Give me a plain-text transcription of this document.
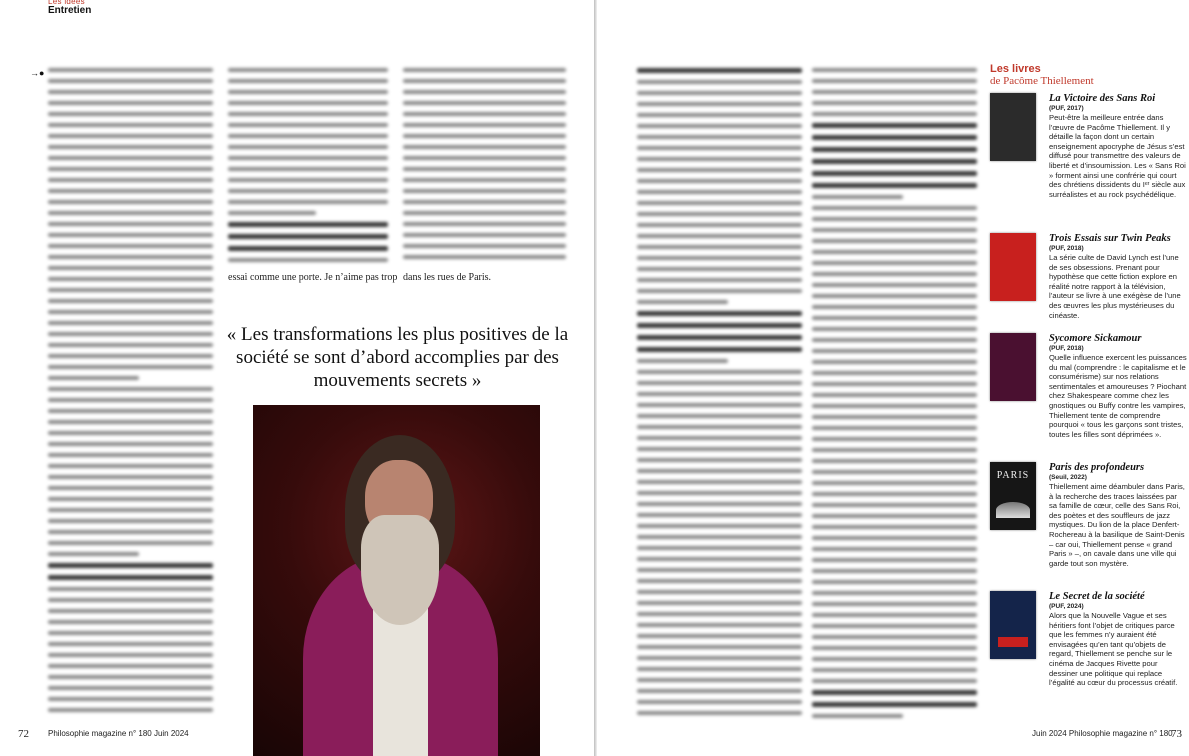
Les idées
Entretien
→●
essai comme une porte. Je n’aime pas trop dans les rues de Paris.

« Les transformations les plus positives de la société se sont d’abord accomplies par des mouvements secrets »

72 Philosophie magazine n° 180 Juin 2024
Les livres
de Pacôme Thiellement
La Victoire des Sans Roi
(PUF, 2017)
Peut-être la meilleure entrée dans l’œuvre de Pacôme Thiellement. Il y détaille la façon dont un certain enseignement apocryphe de Jésus s’est diffusé pour transmettre des valeurs de liberté et d’insoumission. Les « Sans Roi » forment ainsi une confrérie qui court des chrétiens dissidents du Iᵉʳ siècle aux surréalistes et au rock psychédélique.
Trois Essais sur Twin Peaks
(PUF, 2018)
La série culte de David Lynch est l’une de ses obsessions. Prenant pour hypothèse que cette fiction explore en réalité notre rapport à la télévision, l’auteur se livre à une exégèse de l’une des œuvres les plus mystérieuses du cinéaste.
Sycomore Sickamour
(PUF, 2018)
Quelle influence exercent les puissances du mal (comprendre : le capitalisme et le consumérisme) sur nos relations sentimentales et amoureuses ? Piochant chez Shakespeare comme chez les gnostiques ou Buffy contre les vampires, Thiellement tente de comprendre pourquoi « tous les garçons sont tristes, toutes les filles sont déprimées ».
PARIS
Paris des profondeurs
(Seuil, 2022)
Thiellement aime déambuler dans Paris, à la recherche des traces laissées par sa famille de cœur, celle des Sans Roi, des poètes et des souffleurs de jazz mystiques. Du lion de la place Denfert-Rochereau à la basilique de Saint-Denis – car oui, Thiellement pense « grand Paris » –, on cavale dans une ville qui garde tout son mystère.
Le Secret de la société
(PUF, 2024)
Alors que la Nouvelle Vague et ses héritiers font l’objet de critiques parce que les femmes n’y auraient été envisagées qu’en tant qu’objets de regard, Thiellement se penche sur le cinéma de Jacques Rivette pour dessiner une politique qui replace l’égalité au cœur du processus créatif.
Juin 2024 Philosophie magazine n° 180
73
